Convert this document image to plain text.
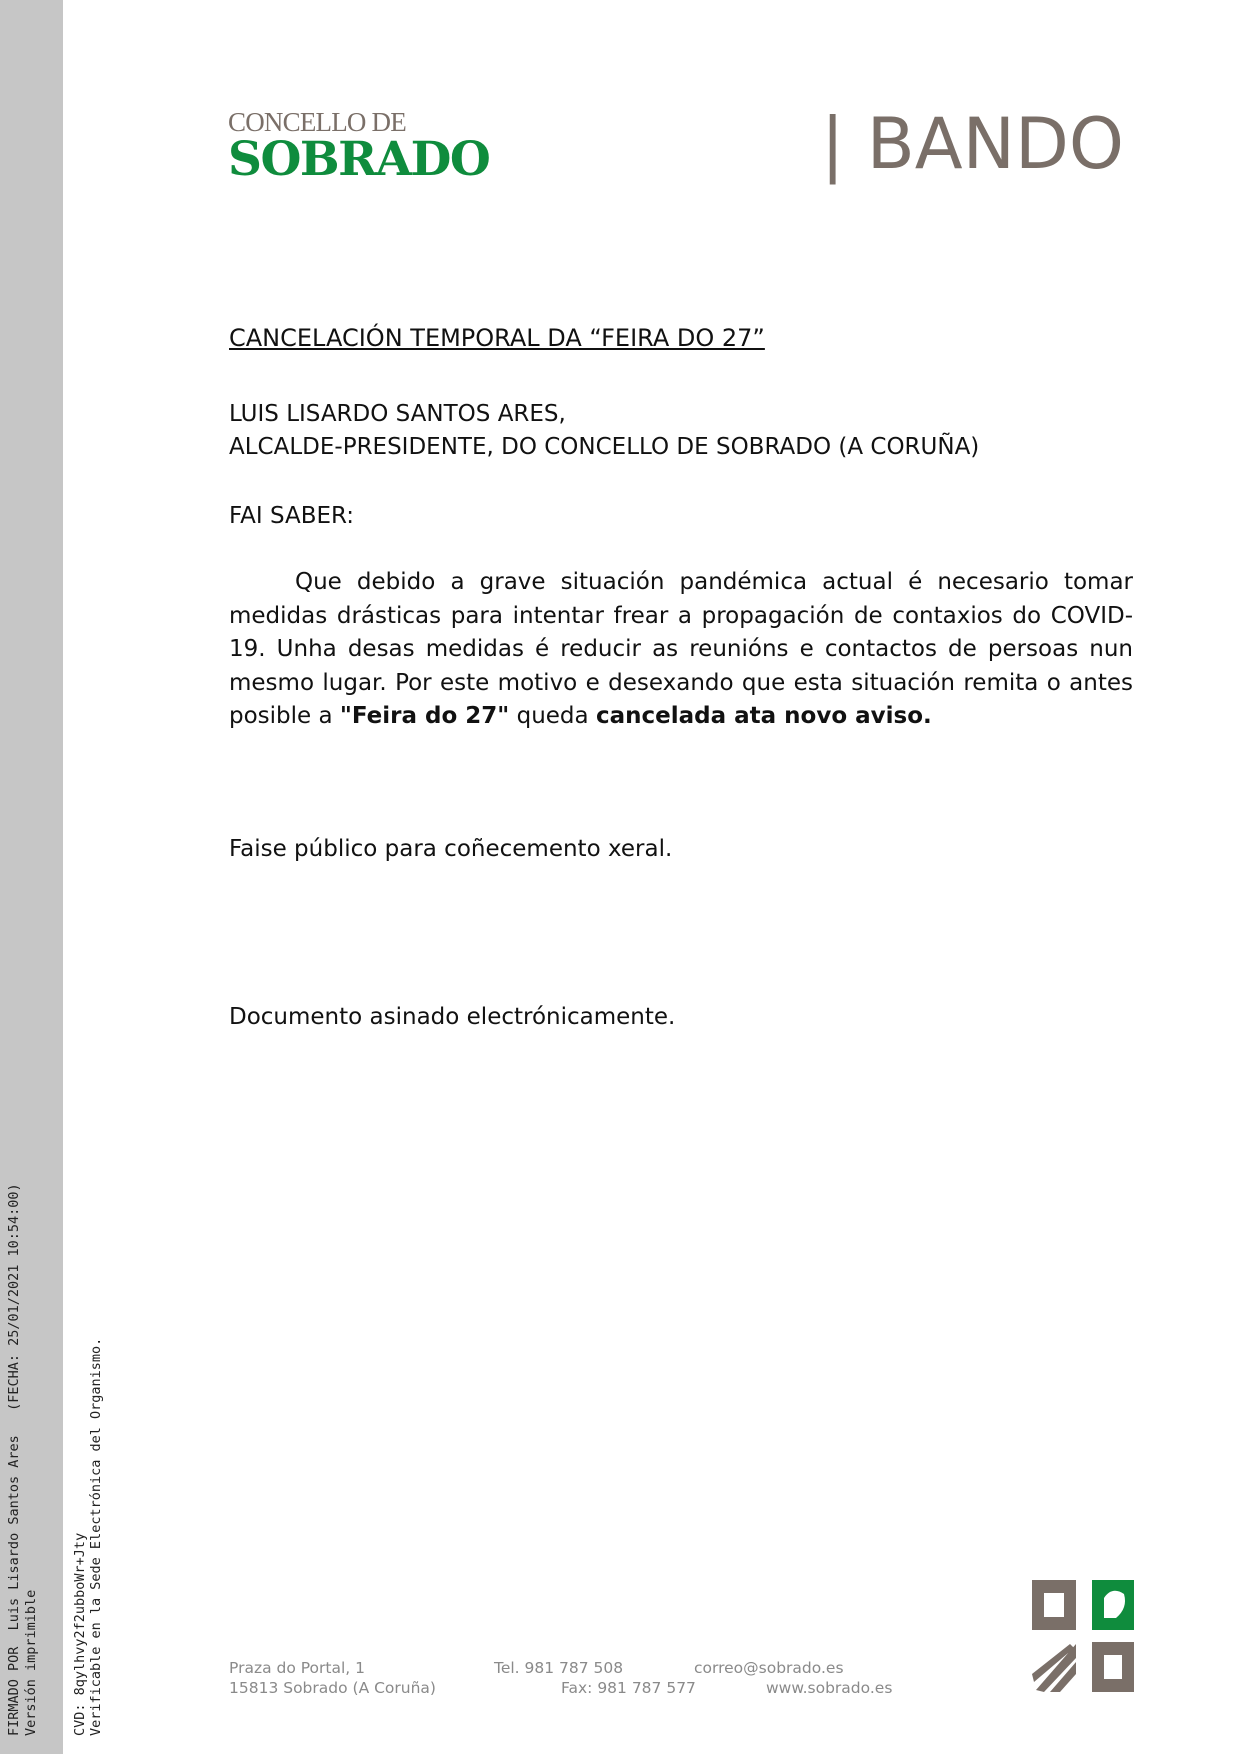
FIRMADO POR  Luis Lisardo Santos Ares   (FECHA: 25/01/2021 10:54:00) Versión imprimible CVD: 8qylhvy2f2ubboWr+Jty Verificable en la Sede Electrónica del Organismo.
CONCELLO DE
SOBRADO	| BANDO
CANCELACIÓN TEMPORAL DA “FEIRA DO 27”
LUIS LISARDO SANTOS ARES,
ALCALDE-PRESIDENTE, DO CONCELLO DE SOBRADO (A CORUÑA)
FAI SABER:
Que debido a grave situación pandémica actual é necesario tomar medidas drásticas para intentar frear a propagación de contaxios do COVID-19. Unha desas medidas é reducir as reunións e contactos de persoas nun mesmo lugar. Por este motivo e desexando que esta situación remita o antes posible a "Feira do 27" queda cancelada ata novo aviso.
Faise público para coñecemento xeral.
Documento asinado electrónicamente.
Praza do Portal, 1
15813 Sobrado (A Coruña)
Tel. 981 787 508
Fax: 981 787 577
correo@sobrado.es
www.sobrado.es
